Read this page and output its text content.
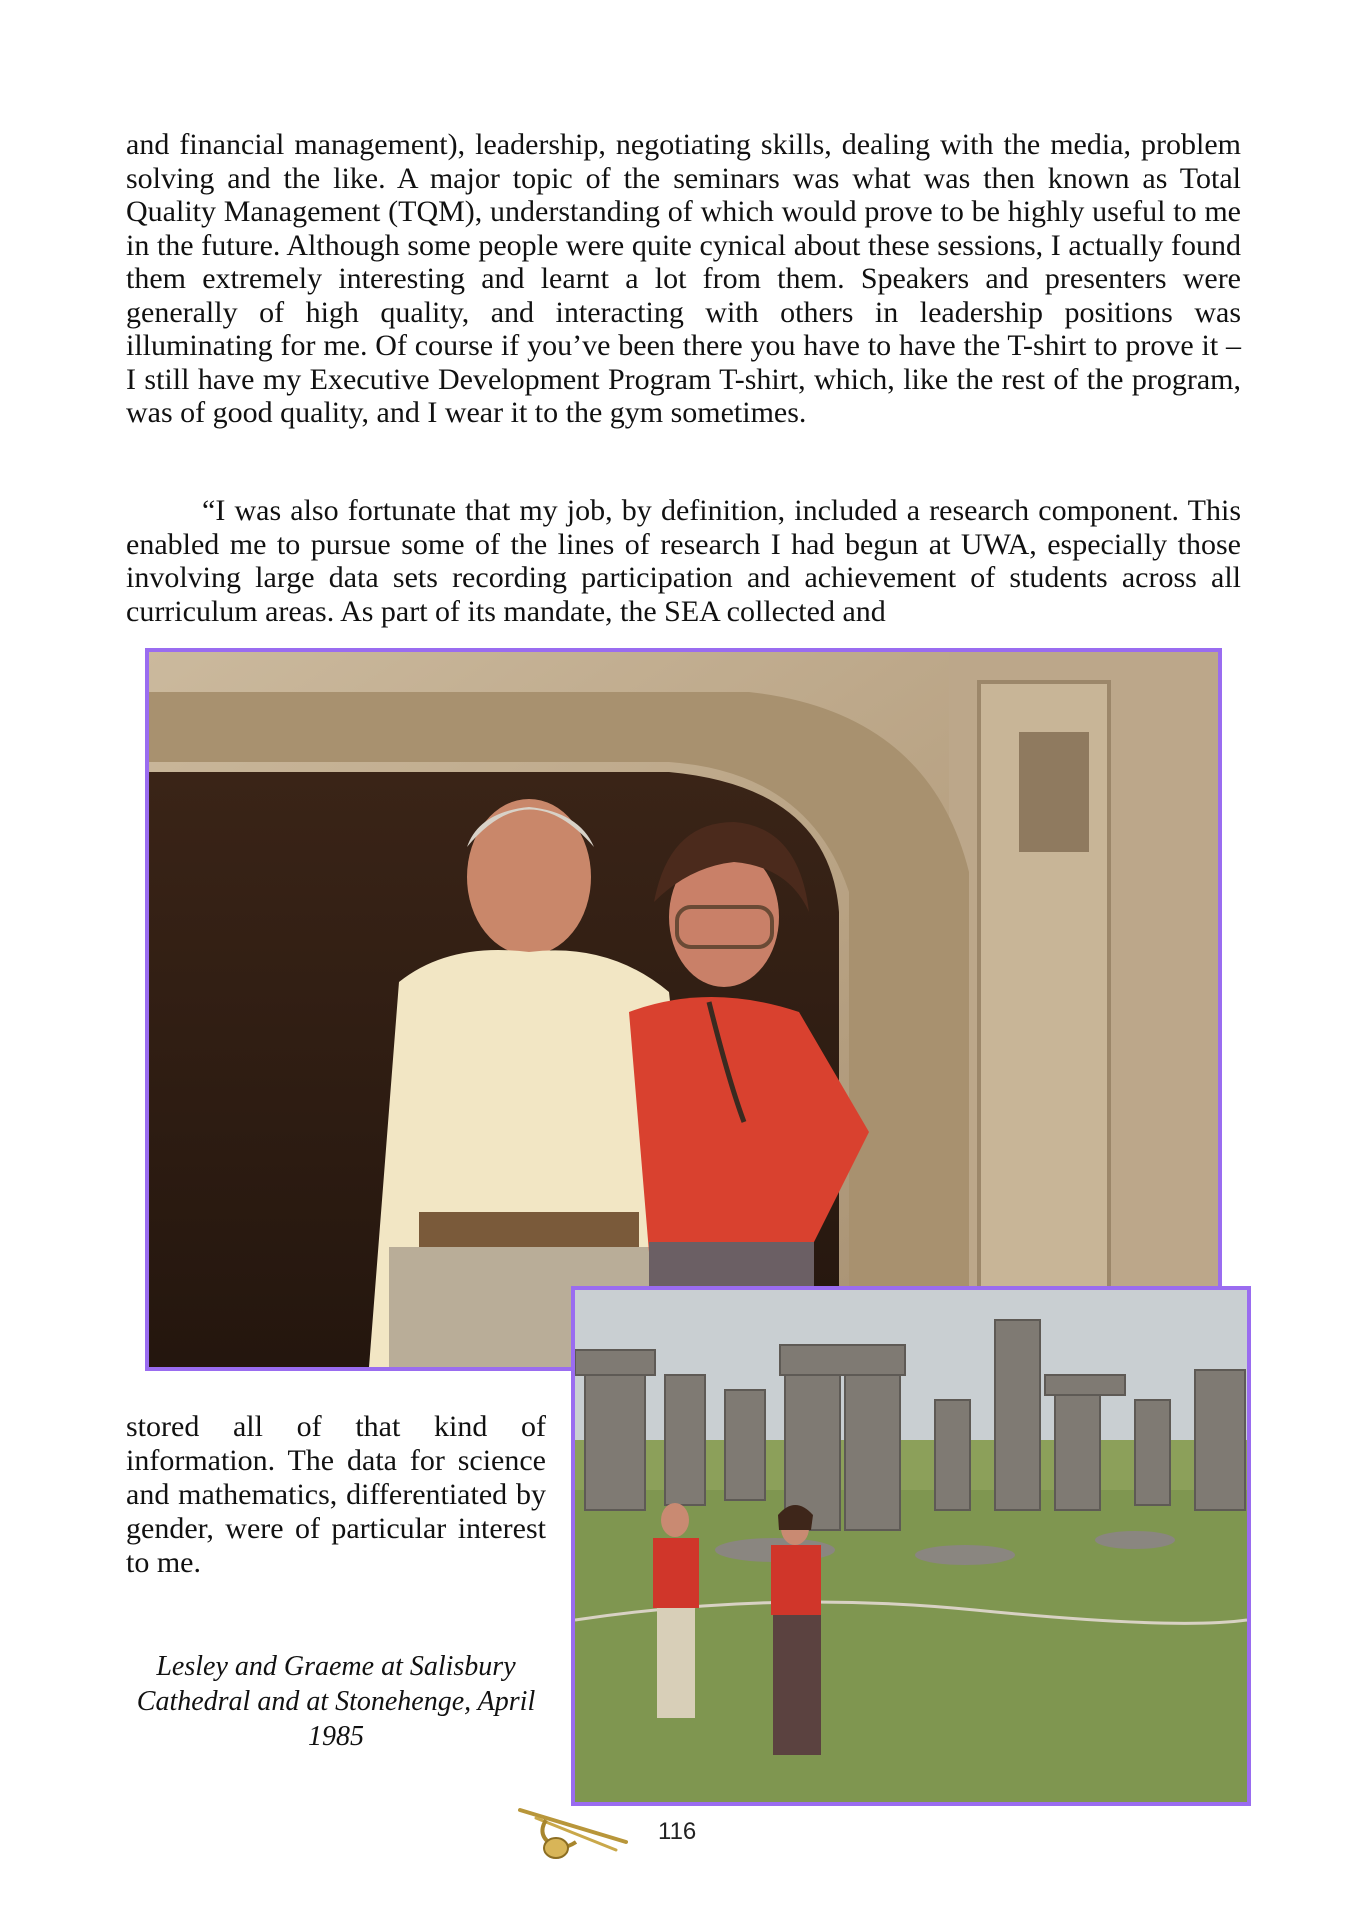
and financial management), leadership, negotiating skills, dealing with the media, problem solving and the like. A major topic of the seminars was what was then known as Total Quality Management (TQM), understanding of which would prove to be highly useful to me in the future. Although some people were quite cynical about these sessions, I actually found them extremely interesting and learnt a lot from them. Speakers and presenters were generally of high quality, and interacting with others in leadership positions was illuminating for me. Of course if you’ve been there you have to have the T-shirt to prove it – I still have my Executive Development Program T-shirt, which, like the rest of the program, was of good quality, and I wear it to the gym sometimes.

“I was also fortunate that my job, by definition, included a research component. This enabled me to pursue some of the lines of research I had begun at UWA, especially those involving large data sets recording participation and achievement of students across all curriculum areas. As part of its mandate, the SEA collected and

stored all of that kind of information. The data for science and mathematics, differentiated by gender, were of particular interest to me.

Lesley and Graeme at Salisbury Cathedral and at Stonehenge, April 1985

116
